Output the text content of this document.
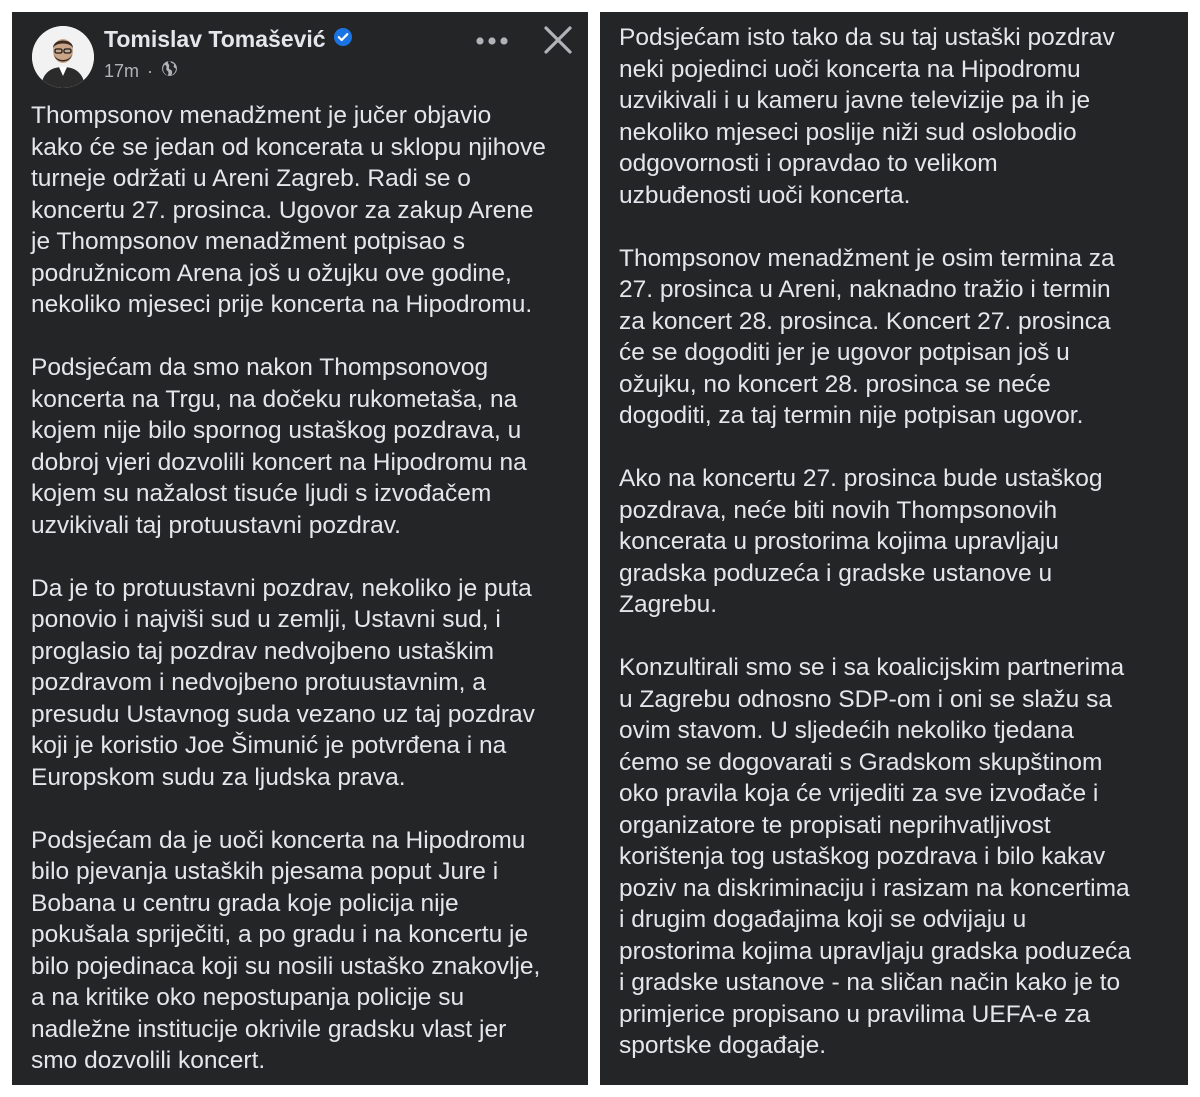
Tomislav Tomašević
17m ·

Thompsonov menadžment je jučer objavio
kako će se jedan od koncerata u sklopu njihove
turneje održati u Areni Zagreb. Radi se o
koncertu 27. prosinca. Ugovor za zakup Arene
je Thompsonov menadžment potpisao s
podružnicom Arena još u ožujku ove godine,
nekoliko mjeseci prije koncerta na Hipodromu.

Podsjećam da smo nakon Thompsonovog
koncerta na Trgu, na dočeku rukometaša, na
kojem nije bilo spornog ustaškog pozdrava, u
dobroj vjeri dozvolili koncert na Hipodromu na
kojem su nažalost tisuće ljudi s izvođačem
uzvikivali taj protuustavni pozdrav.

Da je to protuustavni pozdrav, nekoliko je puta
ponovio i najviši sud u zemlji, Ustavni sud, i
proglasio taj pozdrav nedvojbeno ustaškim
pozdravom i nedvojbeno protuustavnim, a
presudu Ustavnog suda vezano uz taj pozdrav
koji je koristio Joe Šimunić je potvrđena i na
Europskom sudu za ljudska prava.

Podsjećam da je uoči koncerta na Hipodromu
bilo pjevanja ustaških pjesama poput Jure i
Bobana u centru grada koje policija nije
pokušala spriječiti, a po gradu i na koncertu je
bilo pojedinaca koji su nosili ustaško znakovlje,
a na kritike oko nepostupanja policije su
nadležne institucije okrivile gradsku vlast jer
smo dozvolili koncert.

Podsjećam isto tako da su taj ustaški pozdrav
neki pojedinci uoči koncerta na Hipodromu
uzvikivali i u kameru javne televizije pa ih je
nekoliko mjeseci poslije niži sud oslobodio
odgovornosti i opravdao to velikom
uzbuđenosti uoči koncerta.

Thompsonov menadžment je osim termina za
27. prosinca u Areni, naknadno tražio i termin
za koncert 28. prosinca. Koncert 27. prosinca
će se dogoditi jer je ugovor potpisan još u
ožujku, no koncert 28. prosinca se neće
dogoditi, za taj termin nije potpisan ugovor.

Ako na koncertu 27. prosinca bude ustaškog
pozdrava, neće biti novih Thompsonovih
koncerata u prostorima kojima upravljaju
gradska poduzeća i gradske ustanove u
Zagrebu.

Konzultirali smo se i sa koalicijskim partnerima
u Zagrebu odnosno SDP-om i oni se slažu sa
ovim stavom. U sljedećih nekoliko tjedana
ćemo se dogovarati s Gradskom skupštinom
oko pravila koja će vrijediti za sve izvođače i
organizatore te propisati neprihvatljivost
korištenja tog ustaškog pozdrava i bilo kakav
poziv na diskriminaciju i rasizam na koncertima
i drugim događajima koji se odvijaju u
prostorima kojima upravljaju gradska poduzeća
i gradske ustanove - na sličan način kako je to
primjerice propisano u pravilima UEFA-e za
sportske događaje.
